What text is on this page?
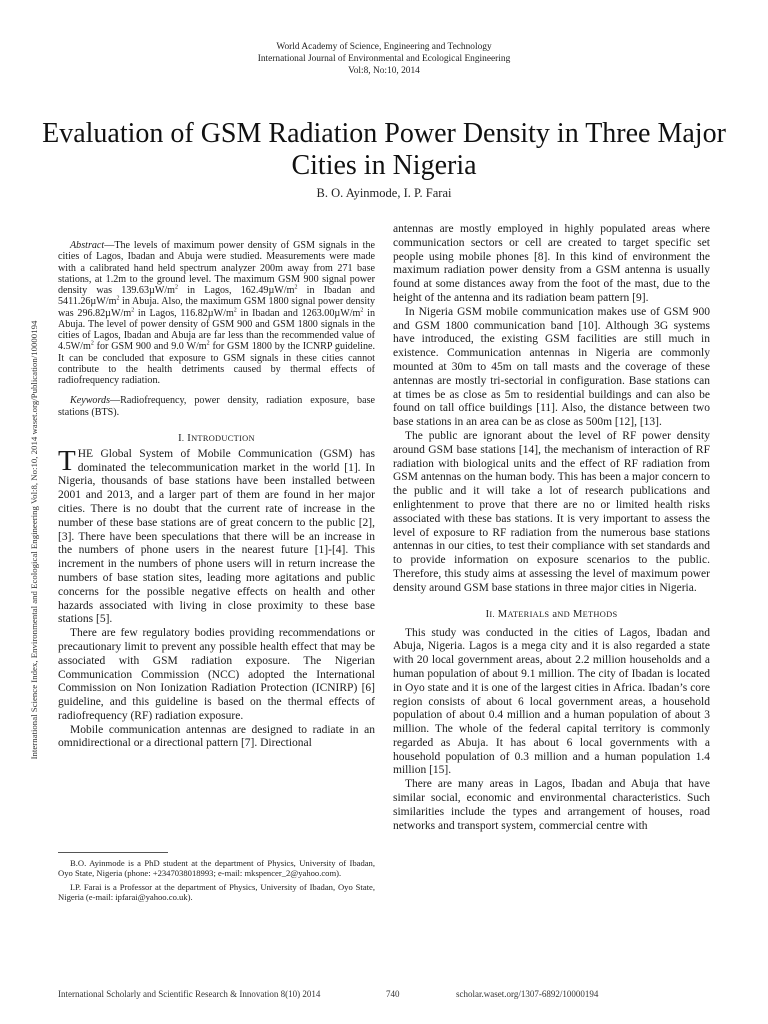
World Academy of Science, Engineering and Technology
International Journal of Environmental and Ecological Engineering
Vol:8, No:10, 2014
Evaluation of GSM Radiation Power Density in Three Major Cities in Nigeria
B. O. Ayinmode, I. P. Farai
International Science Index, Environmental and Ecological Engineering Vol:8, No:10, 2014 waset.org/Publication/10000194

Abstract—The levels of maximum power density of GSM signals in the cities of Lagos, Ibadan and Abuja were studied. Measurements were made with a calibrated hand held spectrum analyzer 200m away from 271 base stations, at 1.2m to the ground level. The maximum GSM 900 signal power density was $139.63\mu W/m^2$ in Lagos, $162.49\mu W/m^2$ in Ibadan and $5411.26\mu W/m^2$ in Abuja. Also, the maximum GSM 1800 signal power density was $296.82\mu W/m^2$ in Lagos, $116.82\mu W/m^2$ in Ibadan and $1263.00\mu W/m^2$ in Abuja. The level of power density of GSM 900 and GSM 1800 signals in the cities of Lagos, Ibadan and Abuja are far less than the recommended value of $4.5W/m^2$ for GSM 900 and 9.0 $W/m^2$ for GSM 1800 by the ICNRP guideline. It can be concluded that exposure to GSM signals in these cities cannot contribute to the health detriments caused by thermal effects of radiofrequency radiation.

Keywords—Radiofrequency, power density, radiation exposure, base stations (BTS).

I. INTRODUCTION

THE Global System of Mobile Communication (GSM) has dominated the telecommunication market in the world [1]. In Nigeria, thousands of base stations have been installed between 2001 and 2013, and a larger part of them are found in her major cities. There is no doubt that the current rate of increase in the number of these base stations are of great concern to the public [2], [3]. There have been speculations that there will be an increase in the numbers of phone users in the nearest future [1]-[4]. This increment in the numbers of phone users will in return increase the numbers of base station sites, leading more agitations and public concerns for the possible negative effects on health and other hazards associated with living in close proximity to these base stations [5].

There are few regulatory bodies providing recommendations or precautionary limit to prevent any possible health effect that may be associated with GSM radiation exposure. The Nigerian Communication Commission (NCC) adopted the International Commission on Non Ionization Radiation Protection (ICNIRP) [6] guideline, and this guideline is based on the thermal effects of radiofrequency (RF) radiation exposure.

Mobile communication antennas are designed to radiate in an omnidirectional or a directional pattern [7]. Directional

B.O. Ayinmode is a PhD student at the department of Physics, University of Ibadan, Oyo State, Nigeria (phone: +2347038018993; e-mail: mkspencer_2@yahoo.com).

I.P. Farai is a Professor at the department of Physics, University of Ibadan, Oyo State, Nigeria (e-mail: ipfarai@yahoo.co.uk).

antennas are mostly employed in highly populated areas where communication sectors or cell are created to target specific set people using mobile phones [8]. In this kind of environment the maximum radiation power density from a GSM antenna is usually found at some distances away from the foot of the mast, due to the height of the antenna and its radiation beam pattern [9].

In Nigeria GSM mobile communication makes use of GSM 900 and GSM 1800 communication band [10]. Although 3G systems have introduced, the existing GSM facilities are still much in existence. Communication antennas in Nigeria are commonly mounted at 30m to 45m on tall masts and the coverage of these antennas are mostly tri-sectorial in configuration. Base stations can at times be as close as 5m to residential buildings and can also be found on tall office buildings [11]. Also, the distance between two base stations in an area can be as close as 500m [12], [13].

The public are ignorant about the level of RF power density around GSM base stations [14], the mechanism of interaction of RF radiation with biological units and the effect of RF radiation from GSM antennas on the human body. This has been a major concern to the public and it will take a lot of research publications and enlightenment to prove that there are no or limited health risks associated with these bas stations. It is very important to assess the level of exposure to RF radiation from the numerous base stations antennas in our cities, to test their compliance with set standards and to provide information on exposure scenarios to the public. Therefore, this study aims at assessing the level of maximum power density around GSM base stations in three major cities in Nigeria.

II. MATERIALS aND METHODS

This study was conducted in the cities of Lagos, Ibadan and Abuja, Nigeria. Lagos is a mega city and it is also regarded a state with 20 local government areas, about 2.2 million households and a human population of about 9.1 million. The city of Ibadan is located in Oyo state and it is one of the largest cities in Africa. Ibadan’s core region consists of about 6 local government areas, a household population of about 0.4 million and a human population of about 3 million. The whole of the federal capital territory is commonly regarded as Abuja. It has about 6 local governments with a household population of 0.3 million and a human population 1.4 million [15].

There are many areas in Lagos, Ibadan and Abuja that have similar social, economic and environmental characteristics. Such similarities include the types and arrangement of houses, road networks and transport system, commercial centre with

International Scholarly and Scientific Research & Innovation 8(10) 2014	740	scholar.waset.org/1307-6892/10000194
